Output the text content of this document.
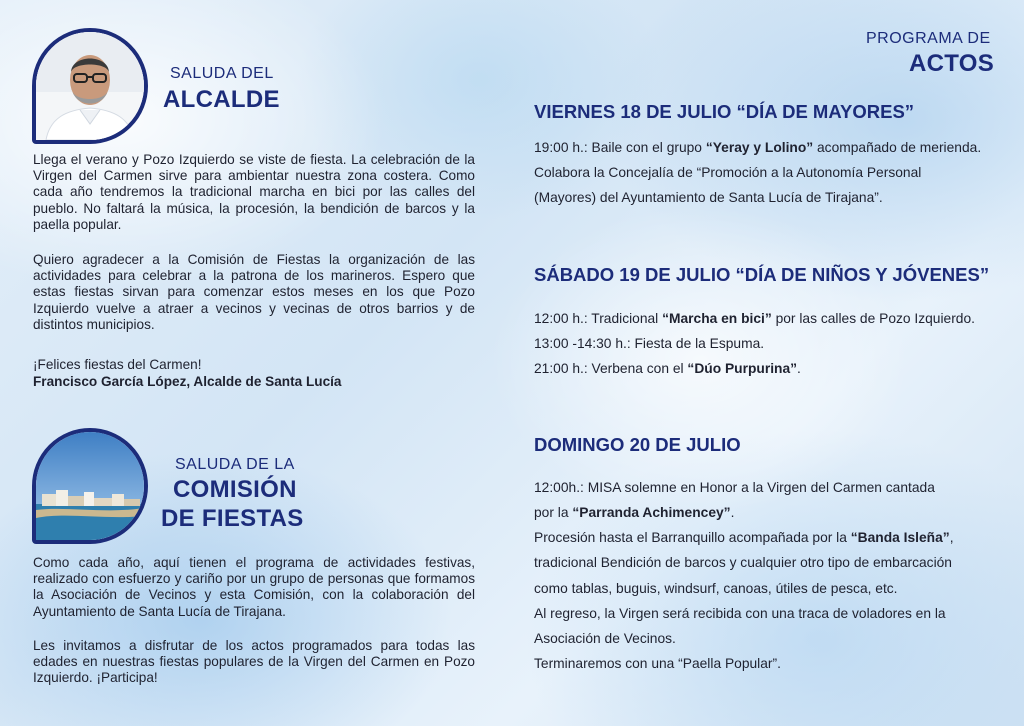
SALUDA DEL
ALCALDE
Llega el verano y Pozo Izquierdo se viste de fiesta. La celebración de la Virgen del Carmen sirve para ambientar nuestra zona costera. Como cada año tendremos la tradicional marcha en bici por las calles del pueblo. No faltará la música, la procesión, la bendición de barcos y la paella popular.
Quiero agradecer a la Comisión de Fiestas la organización de las actividades para celebrar a la patrona de los marineros. Espero que estas fiestas sirvan para comenzar estos meses en los que Pozo Izquierdo vuelve a atraer a vecinos y vecinas de otros barrios y de distintos municipios.
¡Felices fiestas del Carmen!
Francisco García López, Alcalde de Santa Lucía
SALUDA DE LA
COMISIÓN
DE FIESTAS
Como cada año, aquí tienen el programa de actividades festivas, realizado con esfuerzo y cariño por un grupo de personas que formamos la Asociación de Vecinos y esta Comisión, con la colaboración del Ayuntamiento de Santa Lucía de Tirajana.
Les invitamos a disfrutar de los actos programados para todas las edades en nuestras fiestas populares de la Virgen del Carmen en Pozo Izquierdo. ¡Participa!
PROGRAMA DE
ACTOS
VIERNES 18 DE JULIO “DÍA DE MAYORES”
19:00 h.: Baile con el grupo “Yeray y Lolino” acompañado de merienda.
Colabora la Concejalía de “Promoción a la Autonomía Personal
(Mayores) del Ayuntamiento de Santa Lucía de Tirajana”.
SÁBADO 19 DE JULIO “DÍA DE NIÑOS Y JÓVENES”
12:00 h.: Tradicional “Marcha en bici” por las calles de Pozo Izquierdo.
13:00 -14:30 h.: Fiesta de la Espuma.
21:00 h.: Verbena con el “Dúo Purpurina”.
DOMINGO 20 DE JULIO
12:00h.: MISA solemne en Honor a la Virgen del Carmen cantada
por la “Parranda Achimencey”.
Procesión hasta el Barranquillo acompañada por la “Banda Isleña”,
tradicional Bendición de barcos y cualquier otro tipo de embarcación
como tablas, buguis, windsurf, canoas, útiles de pesca, etc.
Al regreso, la Virgen será recibida con una traca de voladores en la
Asociación de Vecinos.
Terminaremos con una “Paella Popular”.
